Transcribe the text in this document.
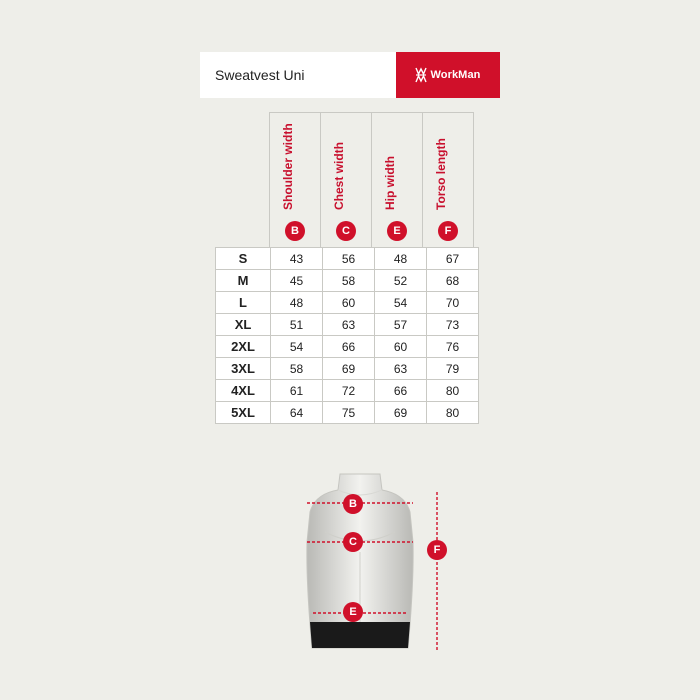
Sweatvest Uni	WorkMan
Shoulder width
B
Chest width
C
Hip width
E
Torso length
F
S	43	56	48	67
M	45	58	52	68
L	48	60	54	70
XL	51	63	57	73
2XL	54	66	60	76
3XL	58	69	63	79
4XL	61	72	66	80
5XL	64	75	69	80
B
C
E
F
